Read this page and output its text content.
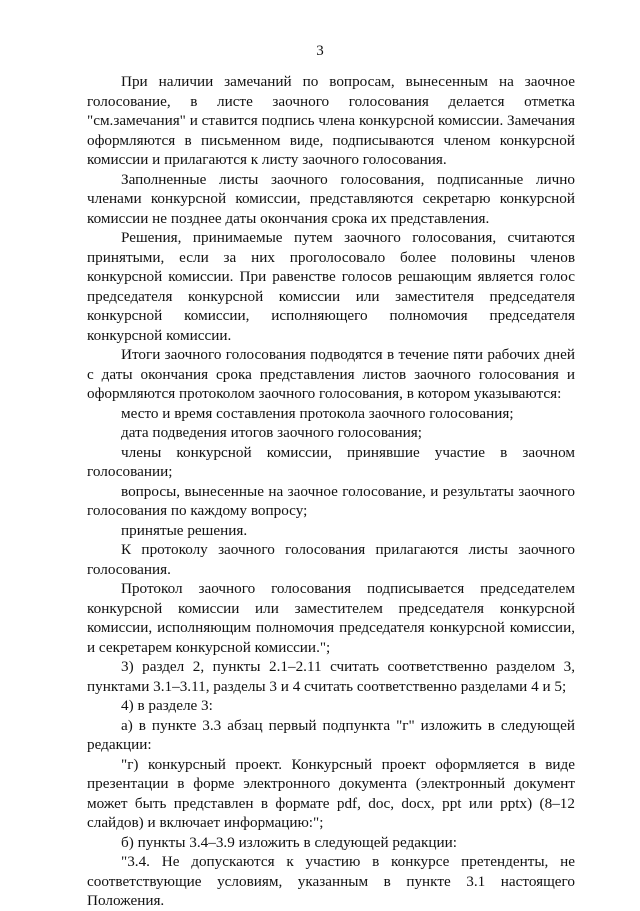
3

При наличии замечаний по вопросам, вынесенным на заочное голосование, в листе заочного голосования делается отметка "см.замечания" и ставится подпись члена конкурсной комиссии. Замечания оформляются в письменном виде, подписываются членом конкурсной комиссии и прилагаются к листу заочного голосования.

Заполненные листы заочного голосования, подписанные лично членами конкурсной комиссии, представляются секретарю конкурсной комиссии не позднее даты окончания срока их представления.

Решения, принимаемые путем заочного голосования, считаются принятыми, если за них проголосовало более половины членов конкурсной комиссии. При равенстве голосов решающим является голос председателя конкурсной комиссии или заместителя председателя конкурсной комиссии, исполняющего полномочия председателя конкурсной комиссии.

Итоги заочного голосования подводятся в течение пяти рабочих дней с даты окончания срока представления листов заочного голосования и оформляются протоколом заочного голосования, в котором указываются:

место и время составления протокола заочного голосования;

дата подведения итогов заочного голосования;

члены конкурсной комиссии, принявшие участие в заочном голосовании;

вопросы, вынесенные на заочное голосование, и результаты заочного голосования по каждому вопросу;

принятые решения.

К протоколу заочного голосования прилагаются листы заочного голосования.

Протокол заочного голосования подписывается председателем конкурсной комиссии или заместителем председателя конкурсной комиссии, исполняющим полномочия председателя конкурсной комиссии, и секретарем конкурсной комиссии.";

3) раздел 2, пункты 2.1–2.11 считать соответственно разделом 3, пунктами 3.1–3.11, разделы 3 и 4 считать соответственно разделами 4 и 5;

4) в разделе 3:

а) в пункте 3.3 абзац первый подпункта "г" изложить в следующей редакции:

"г) конкурсный проект. Конкурсный проект оформляется в виде презентации в форме электронного документа (электронный документ может быть представлен в формате pdf, doc, docx, ppt или pptx) (8–12 слайдов) и включает информацию:";

б) пункты 3.4–3.9 изложить в следующей редакции:

"3.4. Не допускаются к участию в конкурсе претенденты, не соответствующие условиям, указанным в пункте 3.1 настоящего Положения.
